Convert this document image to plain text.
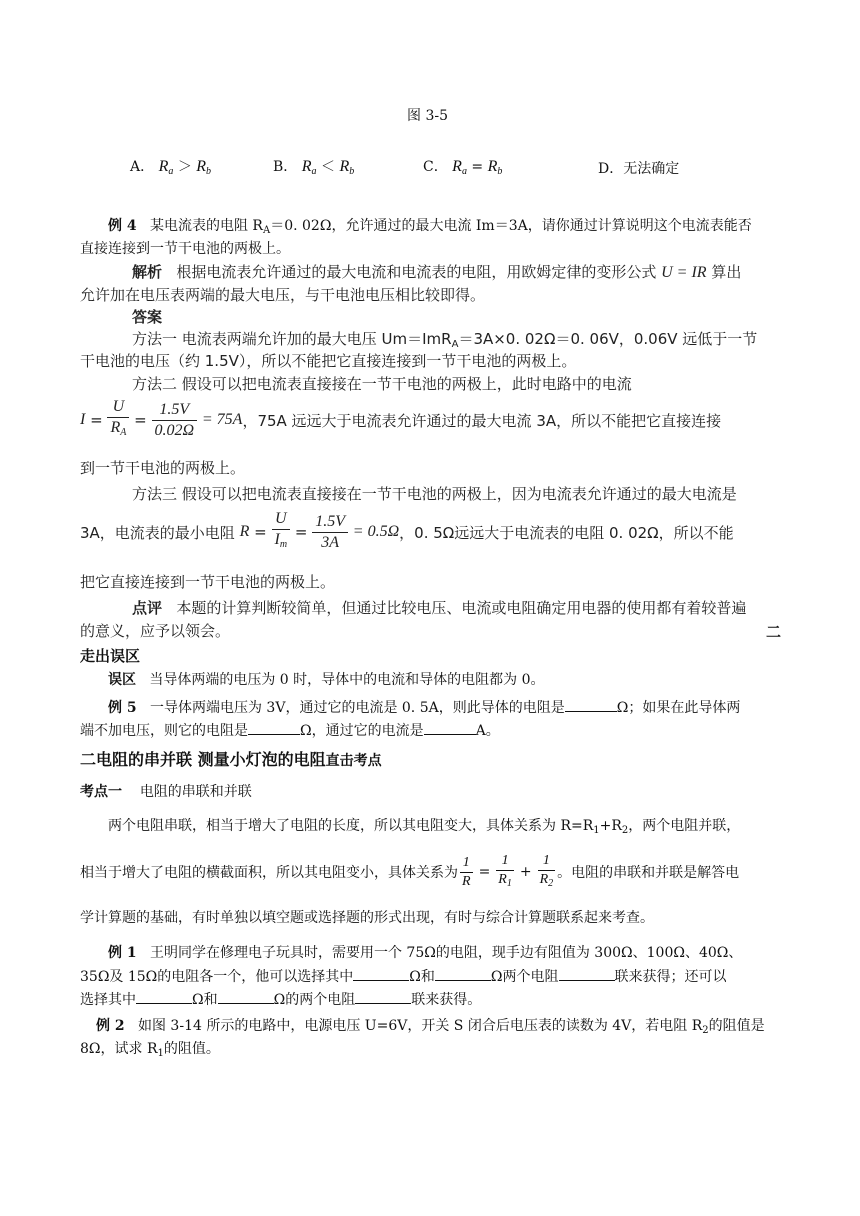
图 3-5
A． $R_a > R_b$	B． $R_a < R_b$	C． $R_a = R_b$	D．无法确定
例 4 某电流表的电阻 $R_A=0$. 02Ω，允许通过的最大电流 Im＝3A，请你通过计算说明这个电流表能否
直接连接到一节干电池的两极上。
解析 根据电流表允许通过的最大电流和电流表的电阻，用欧姆定律的变形公式 U = IR 算出
允许加在电压表两端的最大电压，与干电池电压相比较即得。
答案
方法一 电流表两端允许加的最大电压 Um＝ImR$_A$＝3A×0. 02Ω＝0. 06V，0.06V 远低于一节
干电池的电压（约 1.5V），所以不能把它直接连接到一节干电池的两极上。
方法二 假设可以把电流表直接接在一节干电池的两极上，此时电路中的电流
I
=
$\frac{U}{R_A}$
=
$\frac{1.5V}{0.02\Omega}$
= 75A ，75A 远远大于电流表允许通过的最大电流 3A，所以不能把它直接连接
到一节干电池的两极上。
方法三 假设可以把电流表直接接在一节干电池的两极上，因为电流表允许通过的最大电流是
3A，电流表的最小电阻
R
=
$\frac{U}{I_m}$
=
$\frac{1.5V}{3A}$
= 0.5Ω ，0. 5Ω远远大于电流表的电阻 0. 02Ω，所以不能
把它直接连接到一节干电池的两极上。
点评 本题的计算判断较简单，但通过比较电压、电流或电阻确定用电器的使用都有着较普遍
的意义，应予以领会。	二
走出误区
误区 当导体两端的电压为 0 时，导体中的电流和导体的电阻都为 0。
例 5 一导体两端电压为 3V，通过它的电流是 0. 5A，则此导体的电阻是	Ω；如果在此导体两
端不加电压，则它的电阻是	Ω，通过它的电流是	A。
二电阻的串并联 测量小灯泡的电阻直击考点
考点一 电阻的串联和并联
两个电阻串联，相当于增大了电阻的长度，所以其电阻变大，具体关系为 $R=R_1+R_2$，两个电阻并联，
相当于增大了电阻的横截面积，所以其电阻变小，具体关系为 $\frac{1}{R} = \frac{1}{R_1} + \frac{1}{R_2}$ 。电阻的串联和并联是解答电
学计算题的基础，有时单独以填空题或选择题的形式出现，有时与综合计算题联系起来考查。
例 1 王明同学在修理电子玩具时，需要用一个 75Ω的电阻，现手边有阻值为 300Ω、100Ω、40Ω、
35Ω及 15Ω的电阻各一个，他可以选择其中	Ω和	Ω两个电阻	联来获得；还可以
选择其中	Ω和	Ω的两个电阻	联来获得。
例 2 如图 3-14 所示的电路中，电源电压 U=6V，开关 S 闭合后电压表的读数为 4V，若电阻 $R_2$的阻值是
8Ω，试求 $R_1$的阻值。
